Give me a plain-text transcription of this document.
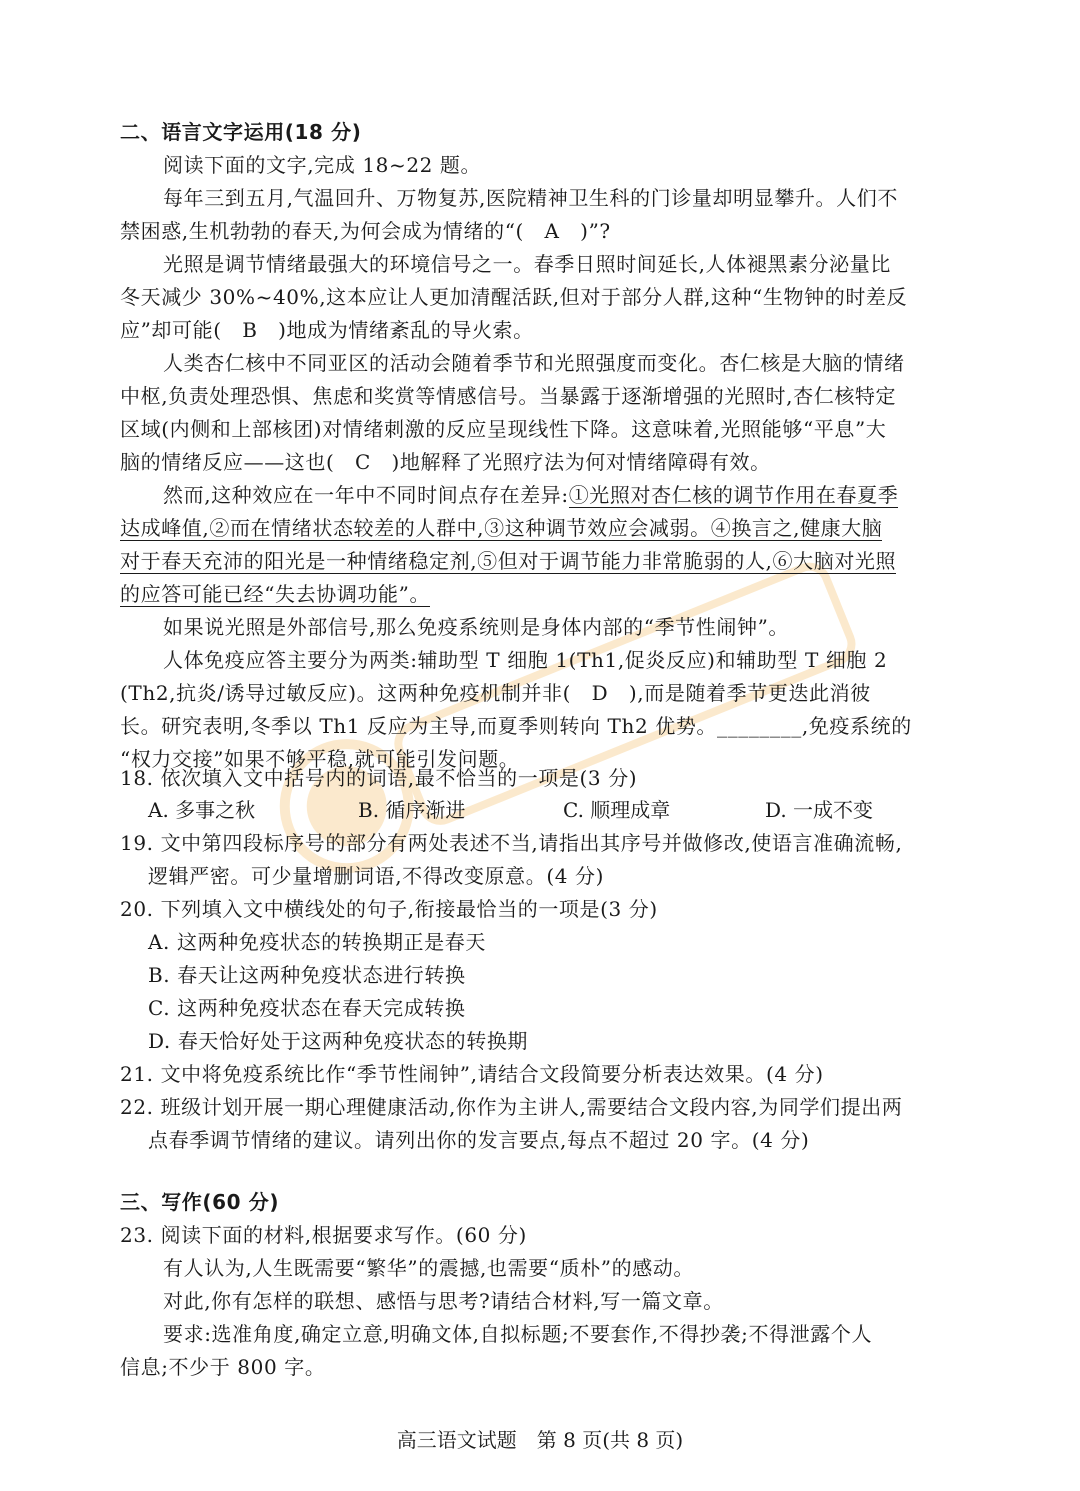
二、语言文字运用(18 分)
阅读下面的文字,完成 18~22 题。
每年三到五月,气温回升、万物复苏,医院精神卫生科的门诊量却明显攀升。人们不
禁困惑,生机勃勃的春天,为何会成为情绪的“(　A　)”?
光照是调节情绪最强大的环境信号之一。春季日照时间延长,人体褪黑素分泌量比
冬天减少 30%~40%,这本应让人更加清醒活跃,但对于部分人群,这种“生物钟的时差反
应”却可能(　B　)地成为情绪紊乱的导火索。
人类杏仁核中不同亚区的活动会随着季节和光照强度而变化。杏仁核是大脑的情绪
中枢,负责处理恐惧、焦虑和奖赏等情感信号。当暴露于逐渐增强的光照时,杏仁核特定
区域(内侧和上部核团)对情绪刺激的反应呈现线性下降。这意味着,光照能够“平息”大
脑的情绪反应——这也(　C　)地解释了光照疗法为何对情绪障碍有效。
然而,这种效应在一年中不同时间点存在差异:①光照对杏仁核的调节作用在春夏季
达成峰值,②而在情绪状态较差的人群中,③这种调节效应会减弱。④换言之,健康大脑
对于春天充沛的阳光是一种情绪稳定剂,⑤但对于调节能力非常脆弱的人,⑥大脑对光照
的应答可能已经“失去协调功能”。
如果说光照是外部信号,那么免疫系统则是身体内部的“季节性闹钟”。
人体免疫应答主要分为两类:辅助型 T 细胞 1(Th1,促炎反应)和辅助型 T 细胞 2
(Th2,抗炎/诱导过敏反应)。这两种免疫机制并非(　D　),而是随着季节更迭此消彼
长。研究表明,冬季以 Th1 反应为主导,而夏季则转向 Th2 优势。________,免疫系统的
“权力交接”如果不够平稳,就可能引发问题。
18. 依次填入文中括号内的词语,最不恰当的一项是(3 分)
A. 多事之秋	B. 循序渐进	C. 顺理成章	D. 一成不变
19. 文中第四段标序号的部分有两处表述不当,请指出其序号并做修改,使语言准确流畅,
逻辑严密。可少量增删词语,不得改变原意。(4 分)
20. 下列填入文中横线处的句子,衔接最恰当的一项是(3 分)
A. 这两种免疫状态的转换期正是春天
B. 春天让这两种免疫状态进行转换
C. 这两种免疫状态在春天完成转换
D. 春天恰好处于这两种免疫状态的转换期
21. 文中将免疫系统比作“季节性闹钟”,请结合文段简要分析表达效果。(4 分)
22. 班级计划开展一期心理健康活动,你作为主讲人,需要结合文段内容,为同学们提出两
点春季调节情绪的建议。请列出你的发言要点,每点不超过 20 字。(4 分)
三、写作(60 分)
23. 阅读下面的材料,根据要求写作。(60 分)
有人认为,人生既需要“繁华”的震撼,也需要“质朴”的感动。
对此,你有怎样的联想、感悟与思考?请结合材料,写一篇文章。
要求:选准角度,确定立意,明确文体,自拟标题;不要套作,不得抄袭;不得泄露个人
信息;不少于 800 字。
高三语文试题　第 8 页(共 8 页)
